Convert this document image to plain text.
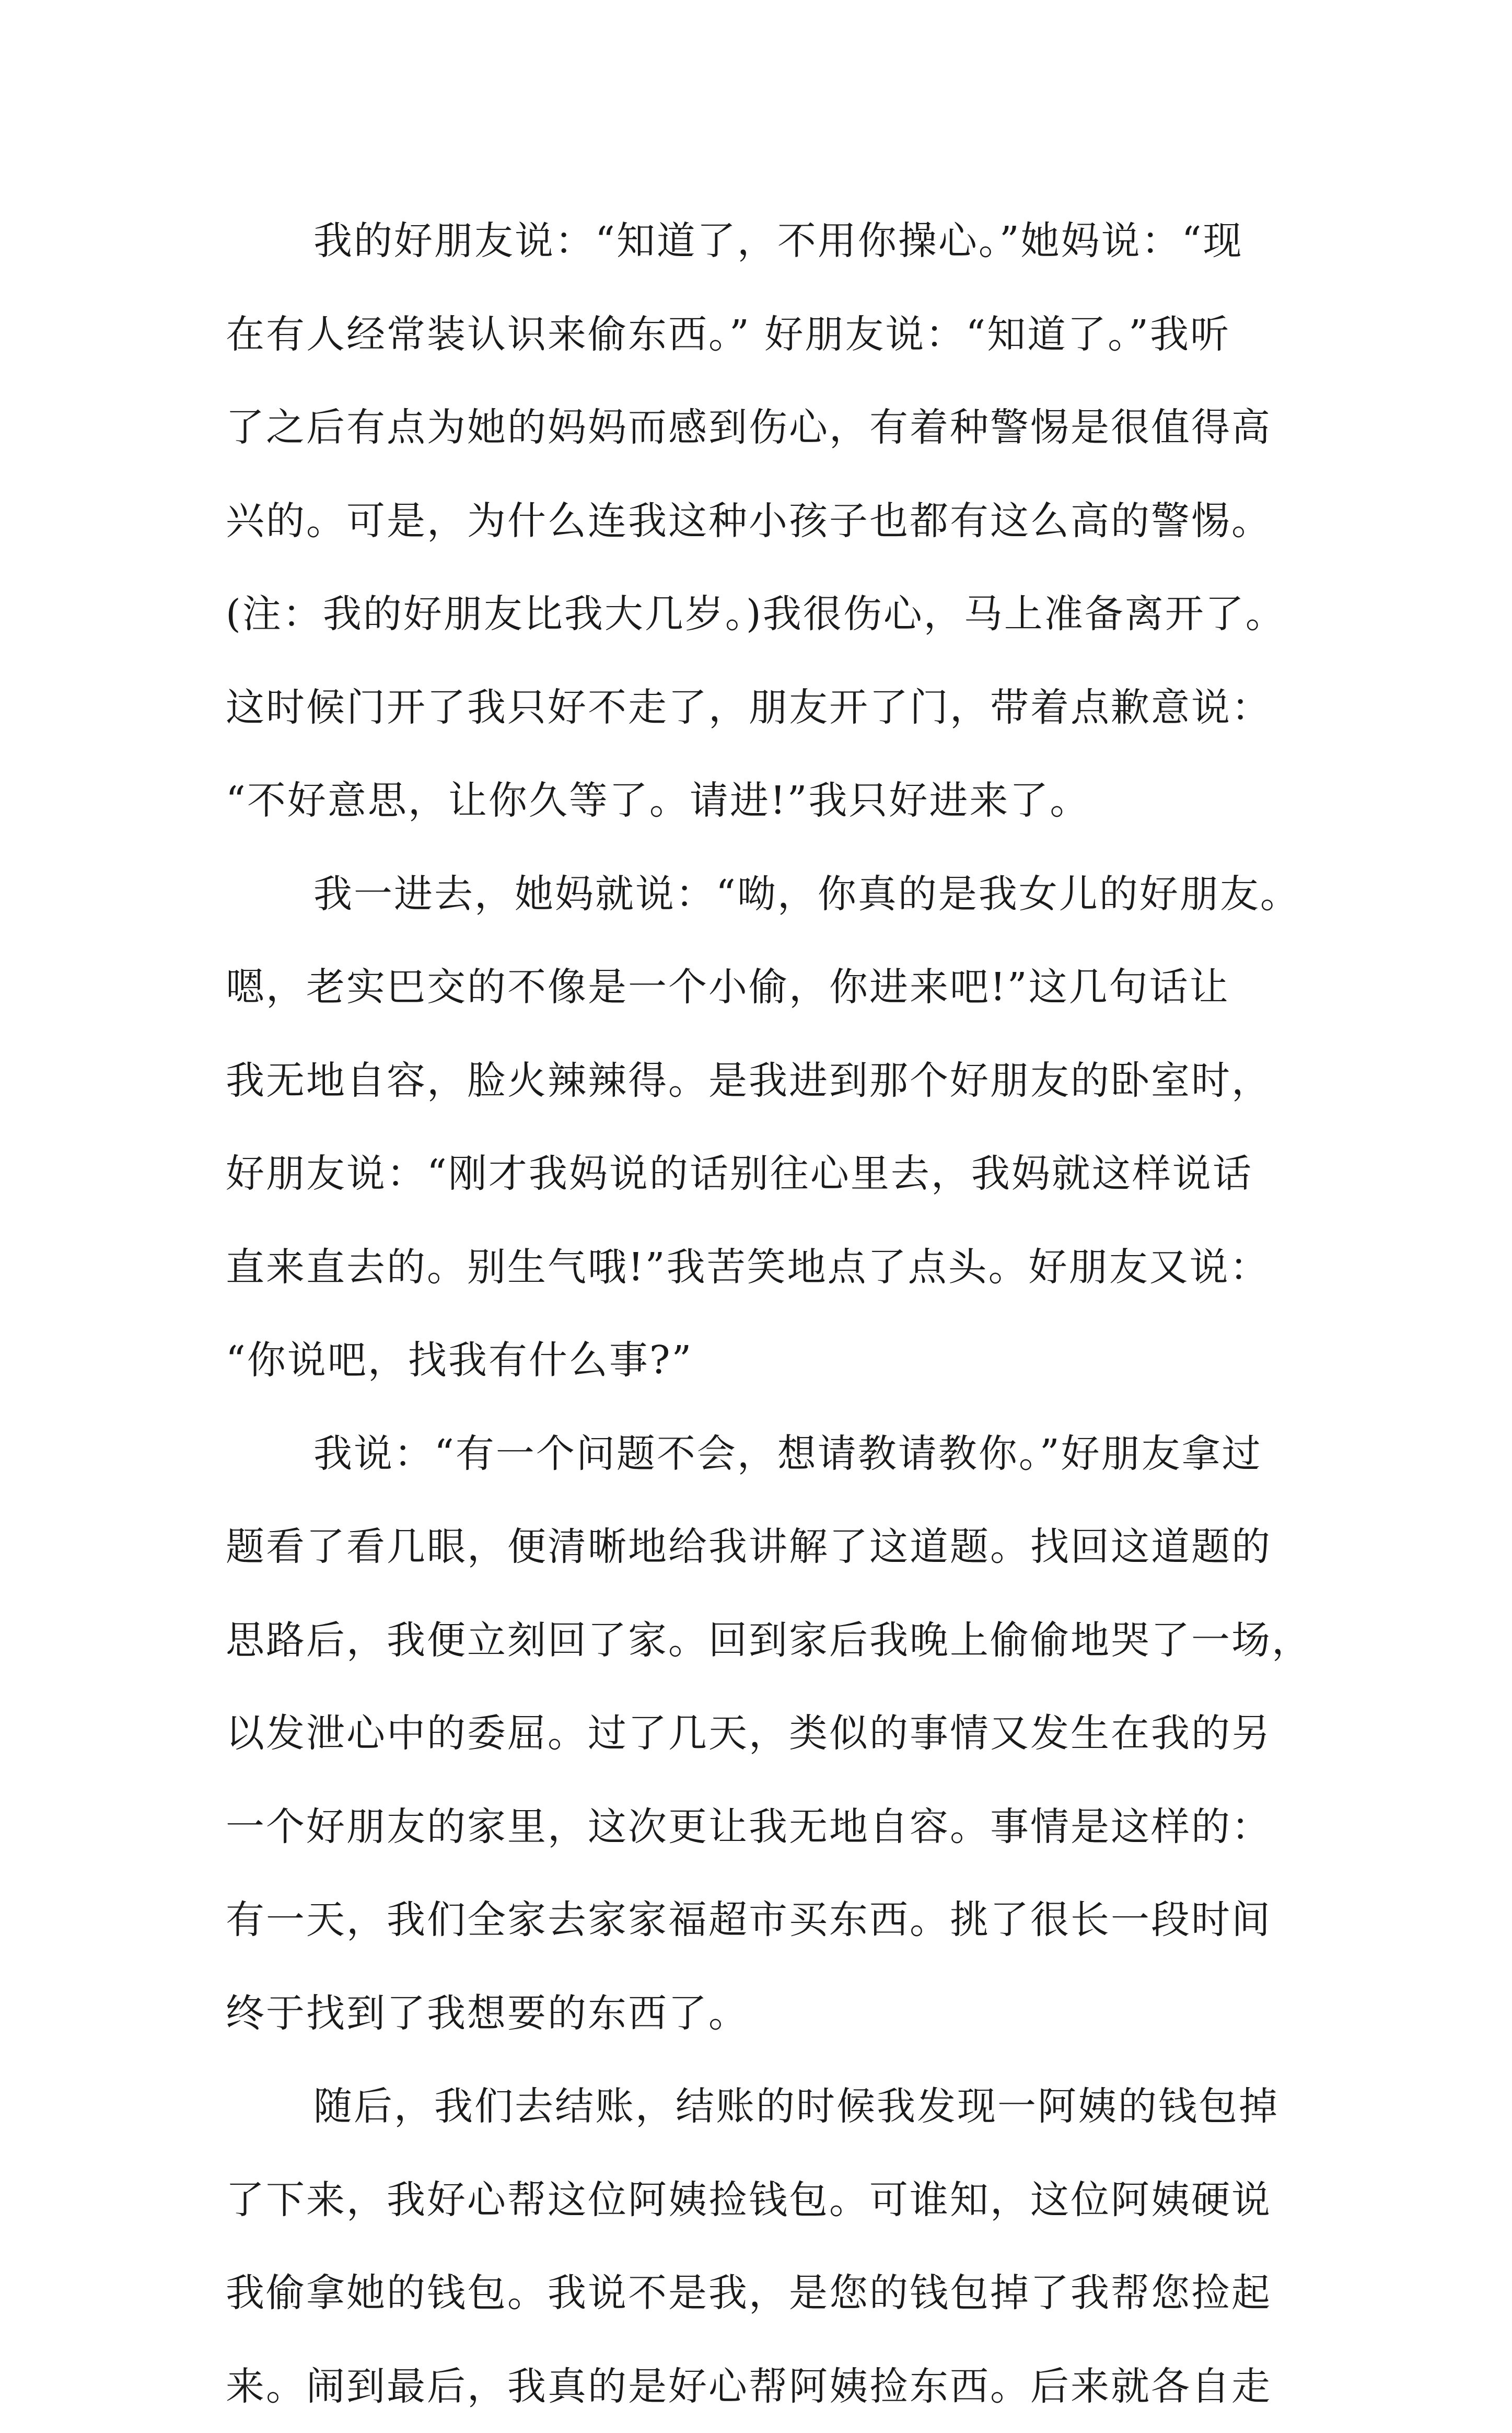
我的好朋友说：“知道了，不用你操心。”她妈说：“现
在有人经常装认识来偷东西。” 好朋友说：“知道了。”我听
了之后有点为她的妈妈而感到伤心，有着种警惕是很值得高
兴的。可是，为什么连我这种小孩子也都有这么高的警惕。
(注：我的好朋友比我大几岁。)我很伤心，马上准备离开了。
这时候门开了我只好不走了，朋友开了门，带着点歉意说：
“不好意思，让你久等了。请进!”我只好进来了。
我一进去，她妈就说：“呦，你真的是我女儿的好朋友。
嗯，老实巴交的不像是一个小偷，你进来吧!”这几句话让
我无地自容，脸火辣辣得。是我进到那个好朋友的卧室时，
好朋友说：“刚才我妈说的话别往心里去，我妈就这样说话
直来直去的。别生气哦!”我苦笑地点了点头。好朋友又说：
“你说吧，找我有什么事?”
我说：“有一个问题不会，想请教请教你。”好朋友拿过
题看了看几眼，便清晰地给我讲解了这道题。找回这道题的
思路后，我便立刻回了家。回到家后我晚上偷偷地哭了一场，
以发泄心中的委屈。过了几天，类似的事情又发生在我的另
一个好朋友的家里，这次更让我无地自容。事情是这样的：
有一天，我们全家去家家福超市买东西。挑了很长一段时间
终于找到了我想要的东西了。
随后，我们去结账，结账的时候我发现一阿姨的钱包掉
了下来，我好心帮这位阿姨捡钱包。可谁知，这位阿姨硬说
我偷拿她的钱包。我说不是我，是您的钱包掉了我帮您捡起
来。闹到最后，我真的是好心帮阿姨捡东西。后来就各自走
